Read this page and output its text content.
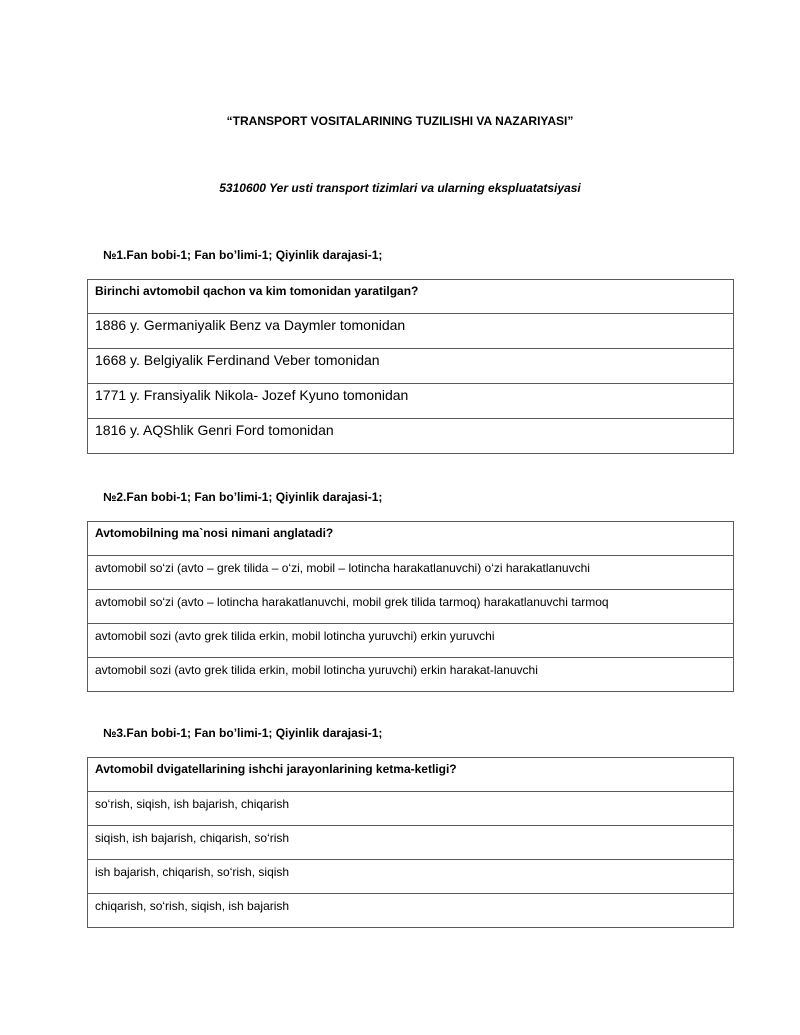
“TRANSPORT VOSITALARINING TUZILISHI VA NAZARIYASI”
5310600 Yer usti transport tizimlari va ularning ekspluatatsiyasi
№1.Fan bobi-1; Fan bo’limi-1; Qiyinlik darajasi-1;
Birinchi avtomobil qachon va kim tomonidan yaratilgan?
1886 y. Germaniyalik Benz va Daymler tomonidan
1668 y. Belgiyalik Ferdinand Veber tomonidan
1771 y. Fransiyalik Nikola- Jozef Kyuno tomonidan
1816 y. AQShlik Genri Ford tomonidan
№2.Fan bobi-1; Fan bo’limi-1; Qiyinlik darajasi-1;
Avtomobilning ma`nosi nimani anglatadi?
avtomobil so‘zi (avto – grek tilida – o‘zi, mobil – lotincha harakatlanuvchi) o‘zi harakatlanuvchi
avtomobil so‘zi (avto – lotincha harakatlanuvchi, mobil grek tilida tarmoq) harakatlanuvchi tarmoq
avtomobil sozi (avto grek tilida erkin, mobil lotincha yuruvchi) erkin yuruvchi
avtomobil sozi (avto grek tilida erkin, mobil lotincha yuruvchi) erkin harakat-lanuvchi
№3.Fan bobi-1; Fan bo’limi-1; Qiyinlik darajasi-1;
Avtomobil dvigatellarining ishchi jarayonlarining ketma-ketligi?
so‘rish, siqish, ish bajarish, chiqarish
siqish, ish bajarish, chiqarish, so‘rish
ish bajarish, chiqarish, so‘rish, siqish
chiqarish, so‘rish, siqish, ish bajarish
